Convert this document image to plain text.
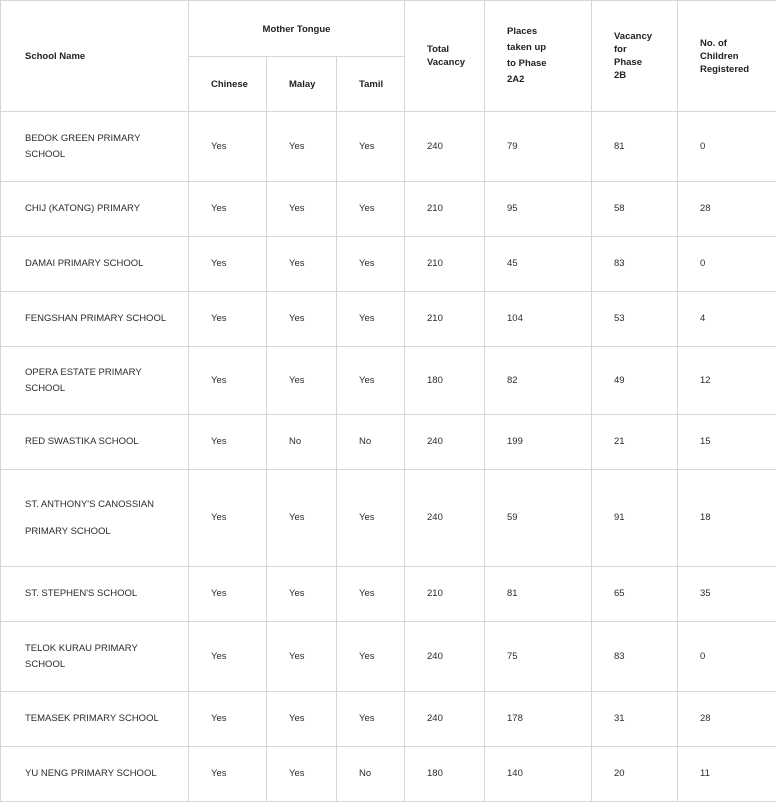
School Name	Mother Tongue			Total Vacancy	Places taken up to Phase 2A2	Vacancy for Phase 2B	No. of Children Registered
	Chinese	Malay	Tamil				
BEDOK GREEN PRIMARY SCHOOL	Yes	Yes	Yes	240	79	81	0
CHIJ (KATONG) PRIMARY	Yes	Yes	Yes	210	95	58	28
DAMAI PRIMARY SCHOOL	Yes	Yes	Yes	210	45	83	0
FENGSHAN PRIMARY SCHOOL	Yes	Yes	Yes	210	104	53	4
OPERA ESTATE PRIMARY SCHOOL	Yes	Yes	Yes	180	82	49	12
RED SWASTIKA SCHOOL	Yes	No	No	240	199	21	15
ST. ANTHONY'S CANOSSIAN PRIMARY SCHOOL	Yes	Yes	Yes	240	59	91	18
ST. STEPHEN'S SCHOOL	Yes	Yes	Yes	210	81	65	35
TELOK KURAU PRIMARY SCHOOL	Yes	Yes	Yes	240	75	83	0
TEMASEK PRIMARY SCHOOL	Yes	Yes	Yes	240	178	31	28
YU NENG PRIMARY SCHOOL	Yes	Yes	No	180	140	20	11
